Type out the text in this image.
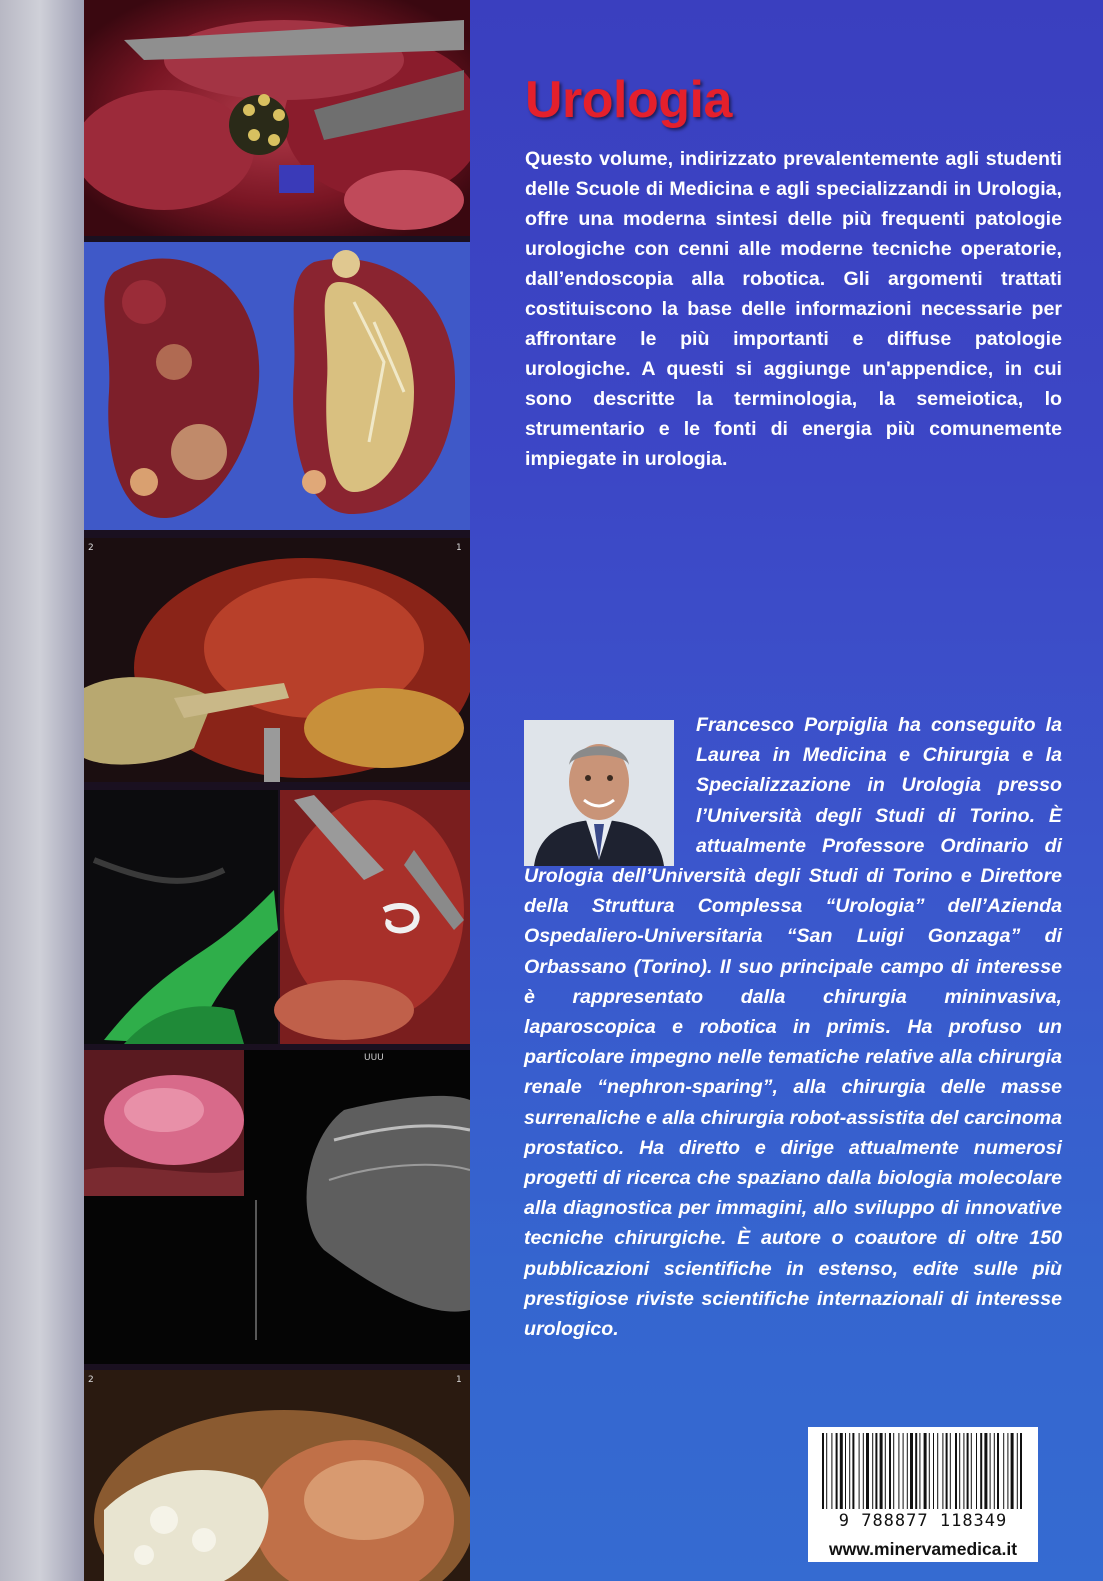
2	1
UUU
2	1
Urologia

Questo volume, indirizzato prevalentemente agli studenti delle Scuole di Medicina e agli specializzandi in Urologia, offre una moderna sintesi delle più frequenti patologie urologiche con cenni alle moderne tecniche operatorie, dall’endoscopia alla robotica. Gli argomenti trattati costituiscono la base delle informazioni necessarie per affrontare le più importanti e diffuse patologie urologiche. A questi si aggiunge un'appendice, in cui sono descritte la terminologia, la semeiotica, lo strumentario e le fonti di energia più comunemente impiegate in urologia.

Francesco Porpiglia ha conseguito la Laurea in Medicina e Chirurgia e la Specializzazione in Urologia presso l’Università degli Studi di Torino. È attualmente Professore Ordinario di Urologia dell’Università degli Studi di Torino e Direttore della Struttura Complessa “Urologia” dell’Azienda Ospedaliero-Universitaria “San Luigi Gonzaga” di Orbassano (Torino). Il suo principale campo di interesse è rappresentato dalla chirurgia mininvasiva, laparoscopica e robotica in primis. Ha profuso un particolare impegno nelle tematiche relative alla chirurgia renale “nephron-sparing”, alla chirurgia delle masse surrenaliche e alla chirurgia robot-assistita del carcinoma prostatico. Ha diretto e dirige attualmente numerosi progetti di ricerca che spaziano dalla biologia molecolare alla diagnostica per immagini, allo sviluppo di innovative tecniche chirurgiche. È autore o coautore di oltre 150 pubblicazioni scientifiche in estenso, edite sulle più prestigiose riviste scientifiche internazionali di interesse urologico.

9 788877 118349
www.minervamedica.it
